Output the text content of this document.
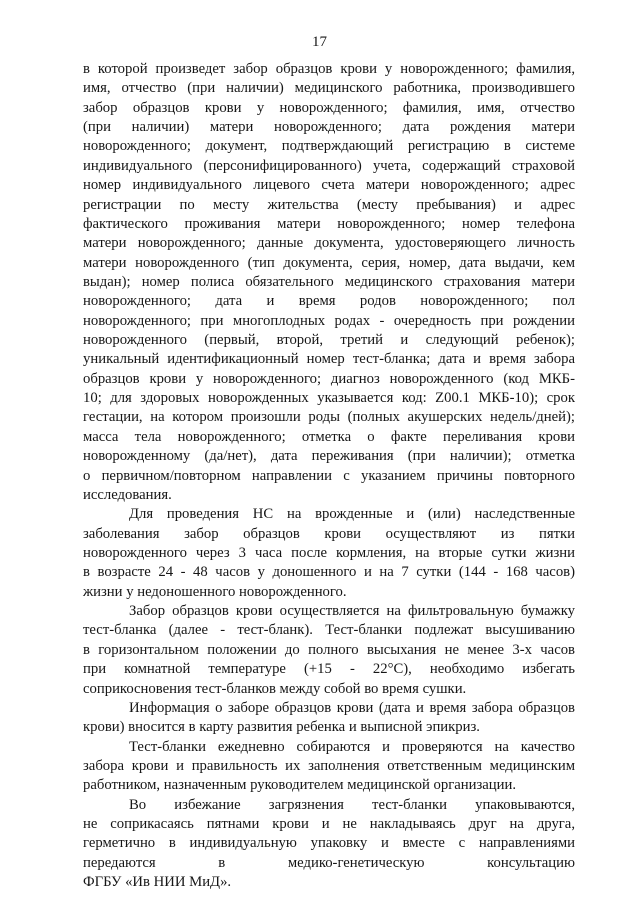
17
в которой произведет забор образцов крови у новорожденного; фамилия,
имя, отчество (при наличии) медицинского работника, производившего
забор образцов крови у новорожденного; фамилия, имя, отчество
(при наличии) матери новорожденного; дата рождения матери
новорожденного; документ, подтверждающий регистрацию в системе
индивидуального (персонифицированного) учета, содержащий страховой
номер индивидуального лицевого счета матери новорожденного; адрес
регистрации по месту жительства (месту пребывания) и адрес
фактического проживания матери новорожденного; номер телефона
матери новорожденного; данные документа, удостоверяющего личность
матери новорожденного (тип документа, серия, номер, дата выдачи, кем
выдан); номер полиса обязательного медицинского страхования матери
новорожденного; дата и время родов новорожденного; пол
новорожденного; при многоплодных родах - очередность при рождении
новорожденного (первый, второй, третий и следующий ребенок);
уникальный идентификационный номер тест-бланка; дата и время забора
образцов крови у новорожденного; диагноз новорожденного (код МКБ-
10; для здоровых новорожденных указывается код: Z00.1 МКБ-10); срок
гестации, на котором произошли роды (полных акушерских недель/дней);
масса тела новорожденного; отметка о факте переливания крови
новорожденному (да/нет), дата переживания (при наличии); отметка
о первичном/повторном направлении с указанием причины повторного
исследования.
Для проведения НС на врожденные и (или) наследственные
заболевания забор образцов крови осуществляют из пятки
новорожденного через 3 часа после кормления, на вторые сутки жизни
в возрасте 24 - 48 часов у доношенного и на 7 сутки (144 - 168 часов)
жизни у недоношенного новорожденного.
Забор образцов крови осуществляется на фильтровальную бумажку
тест-бланка (далее - тест-бланк). Тест-бланки подлежат высушиванию
в горизонтальном положении до полного высыхания не менее 3-х часов
при комнатной температуре (+15 - 22°C), необходимо избегать
соприкосновения тест-бланков между собой во время сушки.
Информация о заборе образцов крови (дата и время забора образцов
крови) вносится в карту развития ребенка и выписной эпикриз.
Тест-бланки ежедневно собираются и проверяются на качество
забора крови и правильность их заполнения ответственным медицинским
работником, назначенным руководителем медицинской организации.
Во избежание загрязнения тест-бланки упаковываются,
не соприкасаясь пятнами крови и не накладываясь друг на друга,
герметично в индивидуальную упаковку и вместе с направлениями
передаются в медико-генетическую консультацию
ФГБУ «Ив НИИ МиД».
